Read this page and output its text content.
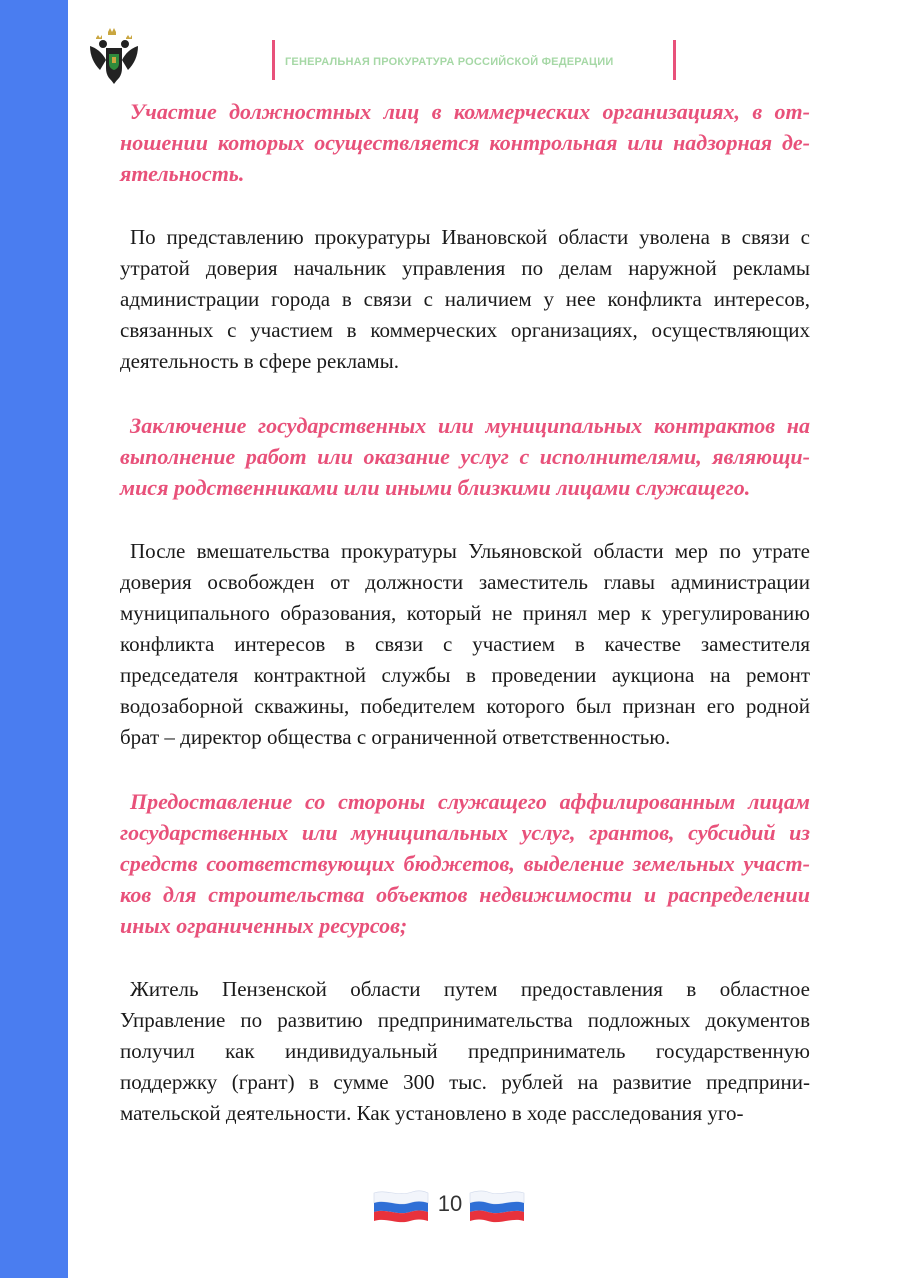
ГЕНЕРАЛЬНАЯ ПРОКУРАТУРА РОССИЙСКОЙ ФЕДЕРАЦИИ

Участие должностных лиц в коммерческих организациях, в отношении которых осуществляется контрольная или надзорная деятельность.

По представлению прокуратуры Ивановской области уволена в связи с утратой доверия начальник управления по делам наружной рекламы администрации города в связи с наличием у нее конфликта интересов, связанных с участием в коммерческих организациях, осуществляющих деятельность в сфере рекламы.

Заключение государственных или муниципальных контрактов на выполнение работ или оказание услуг с исполнителями, являющимися родственниками или иными близкими лицами служащего.

После вмешательства прокуратуры Ульяновской области мер по утрате доверия освобожден от должности заместитель главы администрации муниципального образования, который не принял мер к урегулированию конфликта интересов в связи с участием в качестве заместителя председателя контрактной службы в проведении аукциона на ремонт водозаборной скважины, победителем которого был признан его родной брат – директор общества с ограниченной ответственностью.

Предоставление со стороны служащего аффилированным лицам государственных или муниципальных услуг, грантов, субсидий из средств соответствующих бюджетов, выделение земельных участков для строительства объектов недвижимости и распределении иных ограниченных ресурсов;

Житель Пензенской области путем предоставления в областное Управление по развитию предпринимательства подложных документов получил как индивидуальный предприниматель государственную поддержку (грант) в сумме 300 тыс. рублей на развитие предпринимательской деятельности. Как установлено в ходе расследования уго-

10
